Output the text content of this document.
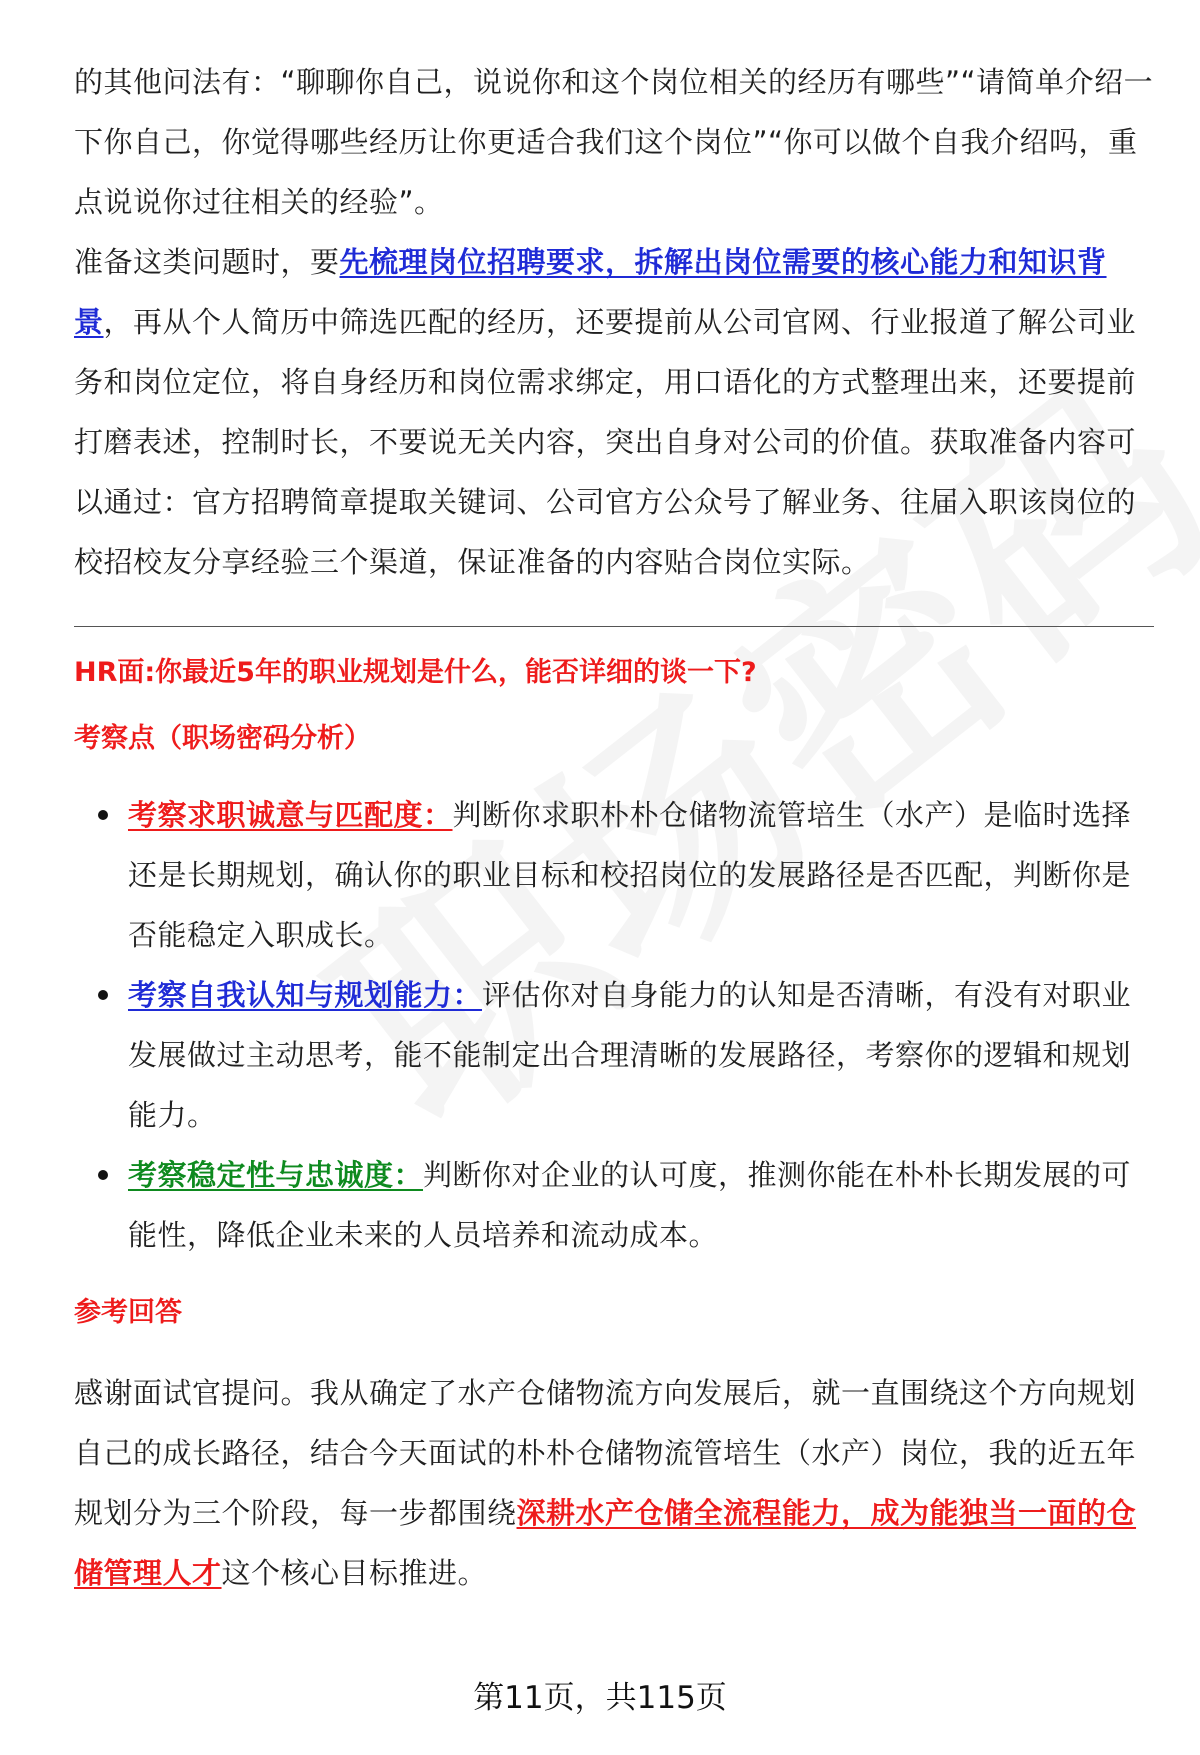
的其他问法有：“聊聊你自己，说说你和这个岗位相关的经历有哪些”“请简单介绍一下你自己，你觉得哪些经历让你更适合我们这个岗位”“你可以做个自我介绍吗，重点说说你过往相关的经验”。

准备这类问题时，要先梳理岗位招聘要求，拆解出岗位需要的核心能力和知识背景，再从个人简历中筛选匹配的经历，还要提前从公司官网、行业报道了解公司业务和岗位定位，将自身经历和岗位需求绑定，用口语化的方式整理出来，还要提前打磨表述，控制时长，不要说无关内容，突出自身对公司的价值。获取准备内容可以通过：官方招聘简章提取关键词、公司官方公众号了解业务、往届入职该岗位的校招校友分享经验三个渠道，保证准备的内容贴合岗位实际。

HR面:你最近5年的职业规划是什么，能否详细的谈一下?
考察点（职场密码分析）
考察求职诚意与匹配度：判断你求职朴朴仓储物流管培生（水产）是临时选择还是长期规划，确认你的职业目标和校招岗位的发展路径是否匹配，判断你是否能稳定入职成长。
考察自我认知与规划能力：评估你对自身能力的认知是否清晰，有没有对职业发展做过主动思考，能不能制定出合理清晰的发展路径，考察你的逻辑和规划能力。
考察稳定性与忠诚度：判断你对企业的认可度，推测你能在朴朴长期发展的可能性，降低企业未来的人员培养和流动成本。
参考回答

感谢面试官提问。我从确定了水产仓储物流方向发展后，就一直围绕这个方向规划自己的成长路径，结合今天面试的朴朴仓储物流管培生（水产）岗位，我的近五年规划分为三个阶段，每一步都围绕深耕水产仓储全流程能力，成为能独当一面的仓储管理人才这个核心目标推进。

第11页，共115页
